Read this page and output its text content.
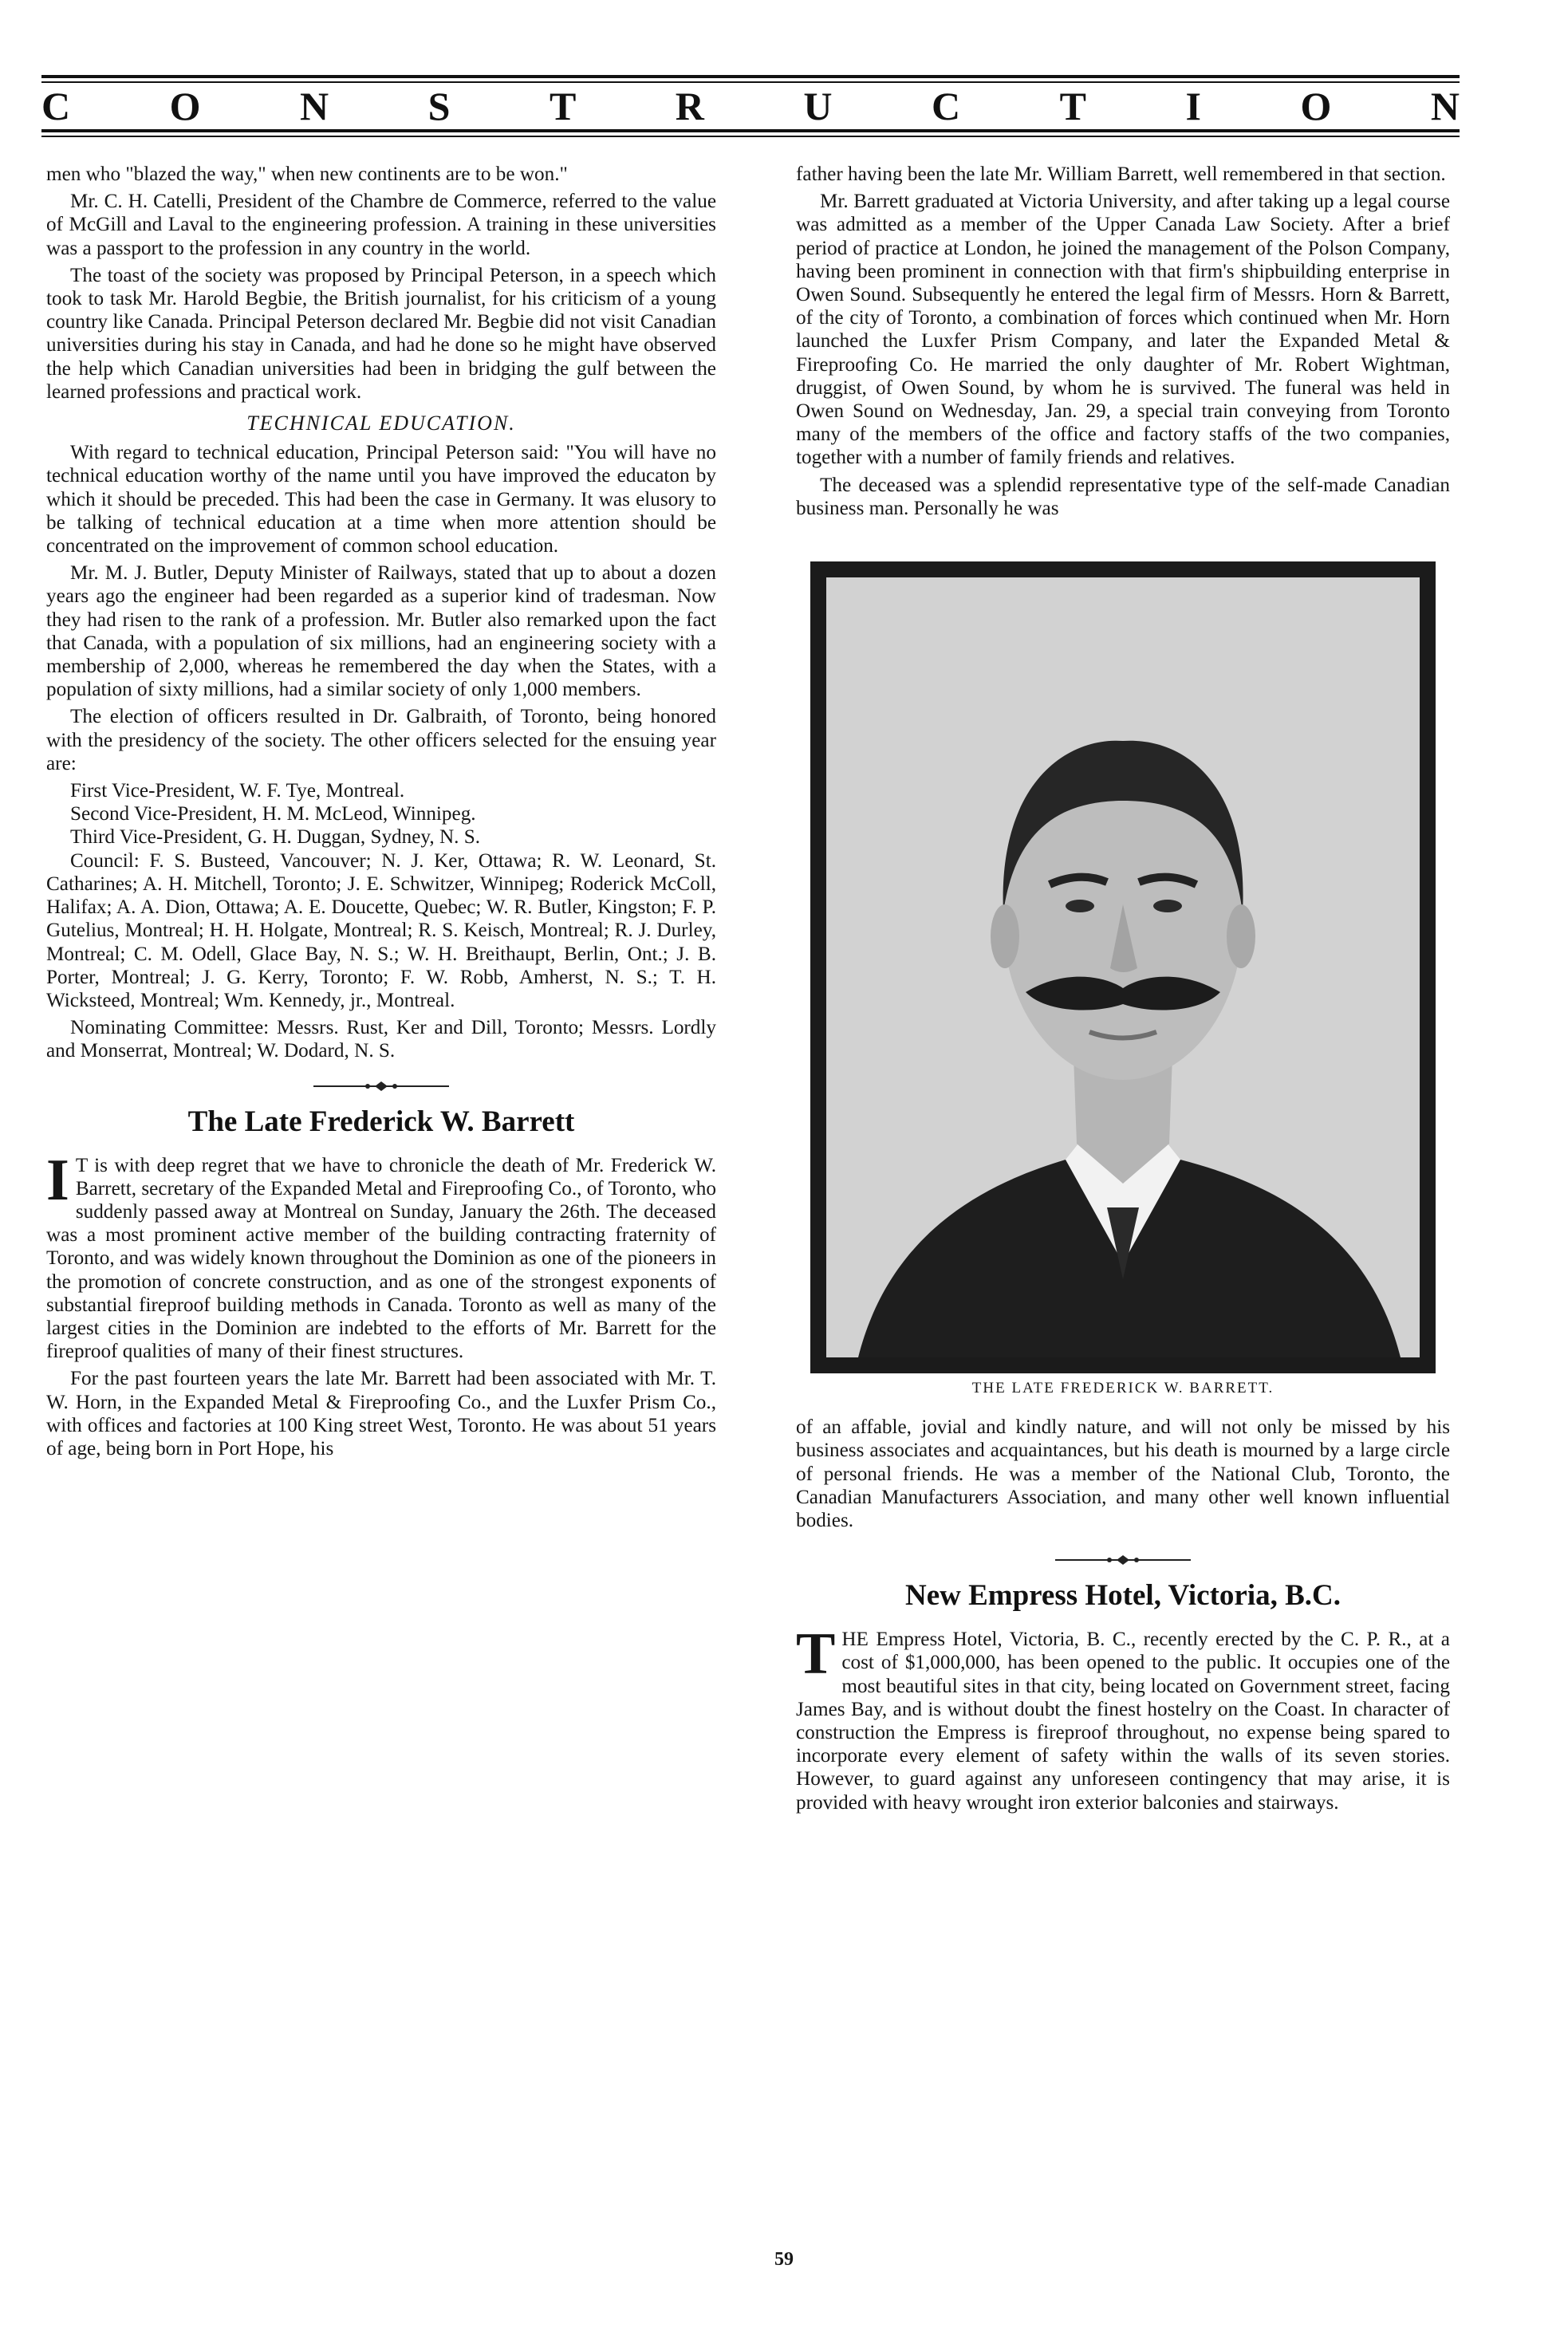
C O N S T R U C T I O N

men who "blazed the way," when new continents are to be won."

Mr. C. H. Catelli, President of the Chambre de Commerce, referred to the value of McGill and Laval to the engineering profession. A training in these universities was a passport to the profession in any country in the world.

The toast of the society was proposed by Principal Peterson, in a speech which took to task Mr. Harold Begbie, the British journalist, for his criticism of a young country like Canada. Principal Peterson declared Mr. Begbie did not visit Canadian universities during his stay in Canada, and had he done so he might have observed the help which Canadian universities had been in bridging the gulf between the learned professions and practical work.

TECHNICAL EDUCATION.

With regard to technical education, Principal Peterson said: "You will have no technical education worthy of the name until you have improved the educaton by which it should be preceded. This had been the case in Germany. It was elusory to be talking of technical education at a time when more attention should be concentrated on the improvement of common school education.

Mr. M. J. Butler, Deputy Minister of Railways, stated that up to about a dozen years ago the engineer had been regarded as a superior kind of tradesman. Now they had risen to the rank of a profession. Mr. Butler also remarked upon the fact that Canada, with a population of six millions, had an engineering society with a membership of 2,000, whereas he remembered the day when the States, with a population of sixty millions, had a similar society of only 1,000 members.

The election of officers resulted in Dr. Galbraith, of Toronto, being honored with the presidency of the society. The other officers selected for the ensuing year are:

First Vice-President, W. F. Tye, Montreal.

Second Vice-President, H. M. McLeod, Winnipeg.

Third Vice-President, G. H. Duggan, Sydney, N. S.

Council: F. S. Busteed, Vancouver; N. J. Ker, Ottawa; R. W. Leonard, St. Catharines; A. H. Mitchell, Toronto; J. E. Schwitzer, Winnipeg; Roderick McColl, Halifax; A. A. Dion, Ottawa; A. E. Doucette, Quebec; W. R. Butler, Kingston; F. P. Gutelius, Montreal; H. H. Holgate, Montreal; R. S. Keisch, Montreal; R. J. Durley, Montreal; C. M. Odell, Glace Bay, N. S.; W. H. Breithaupt, Berlin, Ont.; J. B. Porter, Montreal; J. G. Kerry, Toronto; F. W. Robb, Amherst, N. S.; T. H. Wicksteed, Montreal; Wm. Kennedy, jr., Montreal.

Nominating Committee: Messrs. Rust, Ker and Dill, Toronto; Messrs. Lordly and Monserrat, Montreal; W. Dodard, N. S.

The Late Frederick W. Barrett

IT is with deep regret that we have to chronicle the death of Mr. Frederick W. Barrett, secretary of the Expanded Metal and Fireproofing Co., of Toronto, who suddenly passed away at Montreal on Sunday, January the 26th. The deceased was a most prominent active member of the building contracting fraternity of Toronto, and was widely known throughout the Dominion as one of the pioneers in the promotion of concrete construction, and as one of the strongest exponents of substantial fireproof building methods in Canada. Toronto as well as many of the largest cities in the Dominion are indebted to the efforts of Mr. Barrett for the fireproof qualities of many of their finest structures.

For the past fourteen years the late Mr. Barrett had been associated with Mr. T. W. Horn, in the Expanded Metal & Fireproofing Co., and the Luxfer Prism Co., with offices and factories at 100 King street West, Toronto. He was about 51 years of age, being born in Port Hope, his

father having been the late Mr. William Barrett, well remembered in that section.

Mr. Barrett graduated at Victoria University, and after taking up a legal course was admitted as a member of the Upper Canada Law Society. After a brief period of practice at London, he joined the management of the Polson Company, having been prominent in connection with that firm's shipbuilding enterprise in Owen Sound. Subsequently he entered the legal firm of Messrs. Horn & Barrett, of the city of Toronto, a combination of forces which continued when Mr. Horn launched the Luxfer Prism Company, and later the Expanded Metal & Fireproofing Co. He married the only daughter of Mr. Robert Wightman, druggist, of Owen Sound, by whom he is survived. The funeral was held in Owen Sound on Wednesday, Jan. 29, a special train conveying from Toronto many of the members of the office and factory staffs of the two companies, together with a number of family friends and relatives.

The deceased was a splendid representative type of the self-made Canadian business man. Personally he was

THE LATE FREDERICK W. BARRETT.

of an affable, jovial and kindly nature, and will not only be missed by his business associates and acquaintances, but his death is mourned by a large circle of personal friends. He was a member of the National Club, Toronto, the Canadian Manufacturers Association, and many other well known influential bodies.

New Empress Hotel, Victoria, B.C.

THE Empress Hotel, Victoria, B. C., recently erected by the C. P. R., at a cost of $1,000,000, has been opened to the public. It occupies one of the most beautiful sites in that city, being located on Government street, facing James Bay, and is without doubt the finest hostelry on the Coast. In character of construction the Empress is fireproof throughout, no expense being spared to incorporate every element of safety within the walls of its seven stories. However, to guard against any unforeseen contingency that may arise, it is provided with heavy wrought iron exterior balconies and stairways.

59
